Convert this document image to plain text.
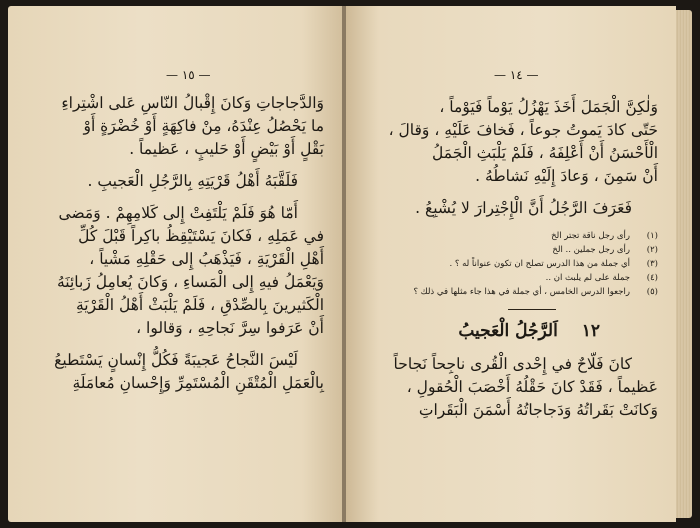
— ١٥ —

وَالدَّجاجاتِ وَكانَ إِقْبالُ النّاسِ عَلى اشْتِراءِ
ما يَحْصُلُ عِنْدَهُ، مِنْ فاكِهَةٍ أَوْ خُضْرَةٍ أَوْ
بَقْلٍ أَوْ بَيْضٍ أَوْ حَليبٍ ، عَظيماً .

فَلَقَّبَهُ أَهْلُ قَرْيَتِهِ بِالرَّجُلِ الْعَجيبِ .

أَمّا هُوَ فَلَمْ يَلْتَفِتْ إِلى كَلامِهِمْ . وَمَضى
في عَمَلِهِ ، فَكانَ يَسْتَيْقِظُ باكِراً قَبْلَ كُلِّ
أَهْلِ الْقَرْيَةِ ، فَيَذْهَبُ إِلى حَقْلِهِ مَشْياً ،
وَيَعْمَلُ فيهِ إِلى الْمَساءِ ، وَكانَ يُعامِلُ زَبائِنَهُ
الْكَثيرينَ بِالصِّدْقِ ، فَلَمْ يَلْبَثْ أَهْلُ الْقَرْيَةِ
أَنْ عَرَفوا سِرَّ نَجاحِهِ ، وَقالوا ،

لَيْسَ النَّجاحُ عَجيبَةً فَكُلُّ إِنْسانٍ يَسْتَطيعُ
بِالْعَمَلِ الْمُتْقَنِ الْمُسْتَمِرِّ وَإِحْسانِ مُعامَلَةِ

— ١٤ —

وَلٰكِنَّ الْجَمَلَ أَخَذَ يَهْزُلُ يَوْماً فَيَوْماً ،
حَتّى كادَ يَموتُ جوعاً ، فَخافَ عَلَيْهِ ، وَقالَ ،
الْأَحْسَنُ أَنْ أَعْلِفَهُ ، فَلَمْ يَلْبَثِ الْجَمَلُ
أَنْ سَمِنَ ، وَعادَ إِلَيْهِ نَشاطُهُ .

فَعَرَفَ الرَّجُلُ أَنَّ الْإِجْتِرارَ لا يُشْبِعُ .

(١)رأى رجل ناقة تجتر الخ
(٢)رأى رجل جملين .. الخ
(٣)أي جملة من هذا الدرس تصلح ان تكون عنواناً له ؟ .
(٤)جملة على لم يلبث ان ..
(٥)راجعوا الدرس الخامس ، أي جملة في هذا جاء مثلها في ذلك ؟
١٢ اَلرَّجُلُ الْعَجيبُ

كانَ فَلّاحٌ في إِحْدى الْقُرى ناجِحاً نَجاحاً
عَظيماً ، فَقَدْ كانَ حَقْلُهُ أَخْصَبَ الْحُقولِ ،
وَكانَتْ بَقَراتُهُ وَدَجاجاتُهُ أَسْمَنَ الْبَقَراتِ
